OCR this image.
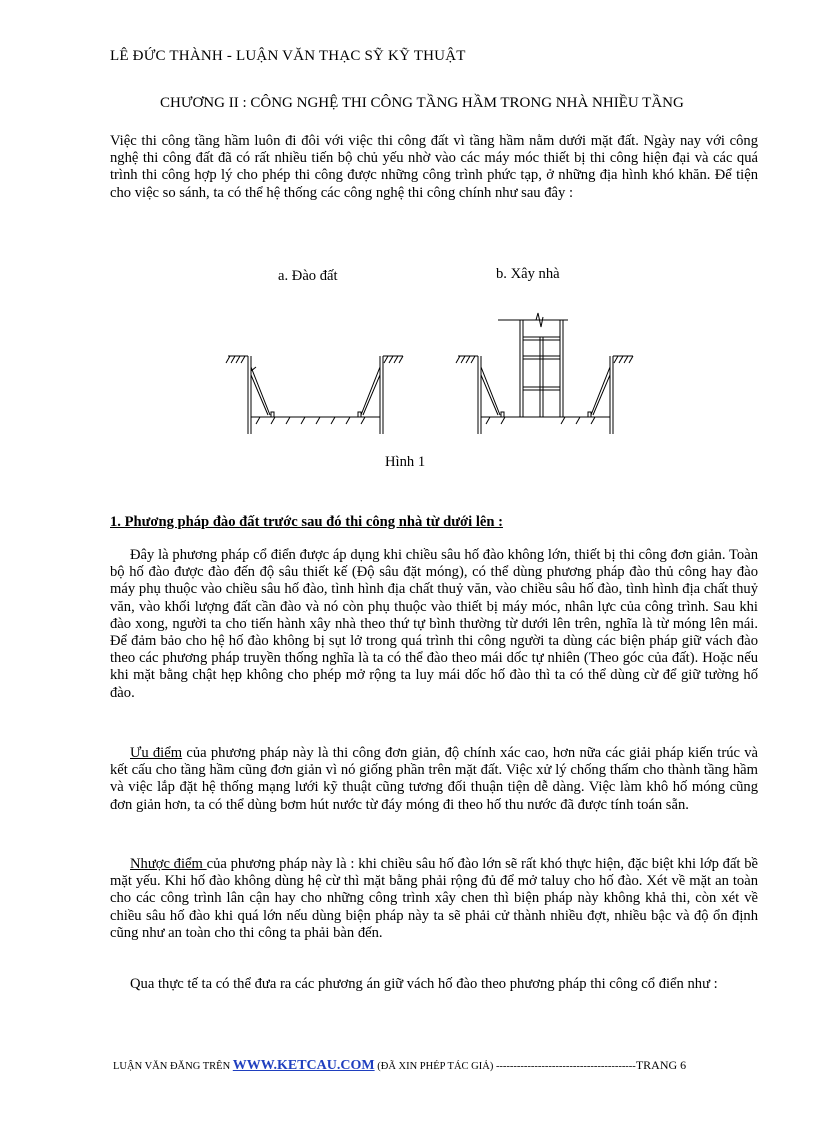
LÊ ĐỨC THÀNH - LUẬN VĂN THẠC SỸ KỸ THUẬT
CHƯƠNG II : CÔNG NGHỆ THI CÔNG TẦNG HẦM TRONG NHÀ NHIỀU TẦNG

Việc thi công tầng hầm luôn đi đôi với việc thi công đất vì tầng hầm nằm dưới mặt đất. Ngày nay với công nghệ thi công đất đã có rất nhiều tiến bộ chủ yếu nhờ vào các máy móc thiết bị thi công hiện đại và các quá trình thi công hợp lý cho phép thi công được những công trình phức tạp, ở những địa hình khó khăn. Để tiện cho việc so sánh, ta có thể hệ thống các công nghệ thi công chính như sau đây :

a. Đào đất	b. Xây nhà
Hình 1
1. Phương pháp đào đất trước sau đó thi công nhà từ dưới lên :

Đây là phương pháp cổ điển được áp dụng khi chiều sâu hố đào không lớn, thiết bị thi công đơn giản. Toàn bộ hố đào được đào đến độ sâu thiết kế (Độ sâu đặt móng), có thể dùng phương pháp đào thủ công hay đào máy phụ thuộc vào chiều sâu hố đào, tình hình địa chất thuỷ văn, vào chiều sâu hố đào, tình hình địa chất thuỷ văn, vào khối lượng đất cần đào và nó còn phụ thuộc vào thiết bị máy móc, nhân lực của công trình. Sau khi đào xong, người ta cho tiến hành xây nhà theo thứ tự bình thường từ dưới lên trên, nghĩa là từ móng lên mái. Để đảm bảo cho hệ hố đào không bị sụt lở trong quá trình thi công người ta dùng các biện pháp giữ vách đào theo các phương pháp truyền thống nghĩa là ta có thể đào theo mái dốc tự nhiên (Theo góc của đất). Hoặc nếu khi mặt bằng chật hẹp không cho phép mở rộng ta luy mái dốc hố đào thì ta có thể dùng cừ để giữ tường hố đào.

Ưu điểm của phương pháp này là thi công đơn giản, độ chính xác cao, hơn nữa các giải pháp kiến trúc và kết cấu cho tầng hầm cũng đơn giản vì nó giống phần trên mặt đất. Việc xử lý chống thấm cho thành tầng hầm và việc lắp đặt hệ thống mạng lưới kỹ thuật cũng tương đối thuận tiện dễ dàng. Việc làm khô hố móng cũng đơn giản hơn, ta có thể dùng bơm hút nước từ đáy móng đi theo hố thu nước đã được tính toán sẵn.

Nhược điểm của phương pháp này là : khi chiều sâu hố đào lớn sẽ rất khó thực hiện, đặc biệt khi lớp đất bề mặt yếu. Khi hố đào không dùng hệ cừ thì mặt bằng phải rộng đủ để mở taluy cho hố đào. Xét về mặt an toàn cho các công trình lân cận hay cho những công trình xây chen thì biện pháp này không khả thi, còn xét về chiều sâu hố đào khi quá lớn nếu dùng biện pháp này ta sẽ phải cử thành nhiều đợt, nhiều bậc và độ ổn định cũng như an toàn cho thi công ta phải bàn đến.

Qua thực tế ta có thể đưa ra các phương án giữ vách hố đào theo phương pháp thi công cổ điển như :

LUẬN VĂN ĐĂNG TRÊN WWW.KETCAU.COM (ĐÃ XIN PHÉP TÁC GIẢ) ----------------------------------------TRANG 6
